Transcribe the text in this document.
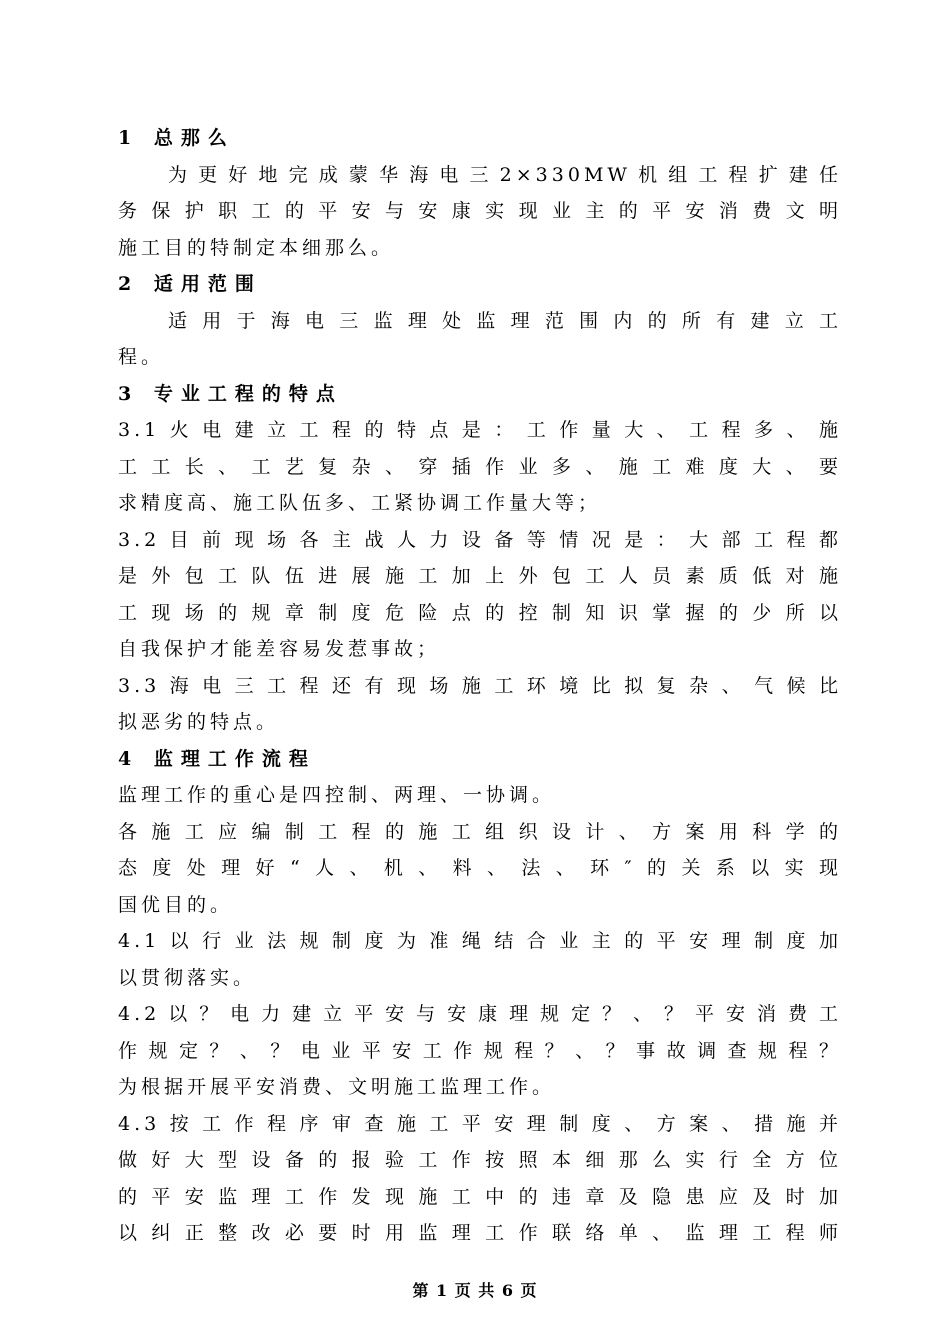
1 总那么
为更好地完成蒙华海电三2×330MW机组工程扩建任
务保护职工的平安与安康实现业主的平安消费文明
施工目的特制定本细那么。
2 适用范围
适用于海电三监理处监理范围内的所有建立工
程。
3 专业工程的特点
3.1火电建立工程的特点是：工作量大、工程多、施
工工长、工艺复杂、穿插作业多、施工难度大、要
求精度高、施工队伍多、工紧协调工作量大等；
3.2目前现场各主战人力设备等情况是：大部工程都
是外包工队伍进展施工加上外包工人员素质低对施
工现场的规章制度危险点的控制知识掌握的少所以
自我保护才能差容易发惹事故；
3.3海电三工程还有现场施工环境比拟复杂、气候比
拟恶劣的特点。
4 监理工作流程
监理工作的重心是四控制、两理、一协调。
各施工应编制工程的施工组织设计、方案用科学的
态度处理好“人、机、料、法、环″的关系以实现
国优目的。
4.1以行业法规制度为准绳结合业主的平安理制度加
以贯彻落实。
4.2以？电力建立平安与安康理规定？、？平安消费工
作规定？、？电业平安工作规程？、？事故调查规程？
为根据开展平安消费、文明施工监理工作。
4.3按工作程序审查施工平安理制度、方案、措施并
做好大型设备的报验工作按照本细那么实行全方位
的平安监理工作发现施工中的违章及隐患应及时加
以纠正整改必要时用监理工作联络单、监理工程师
第 1 页 共 6 页
